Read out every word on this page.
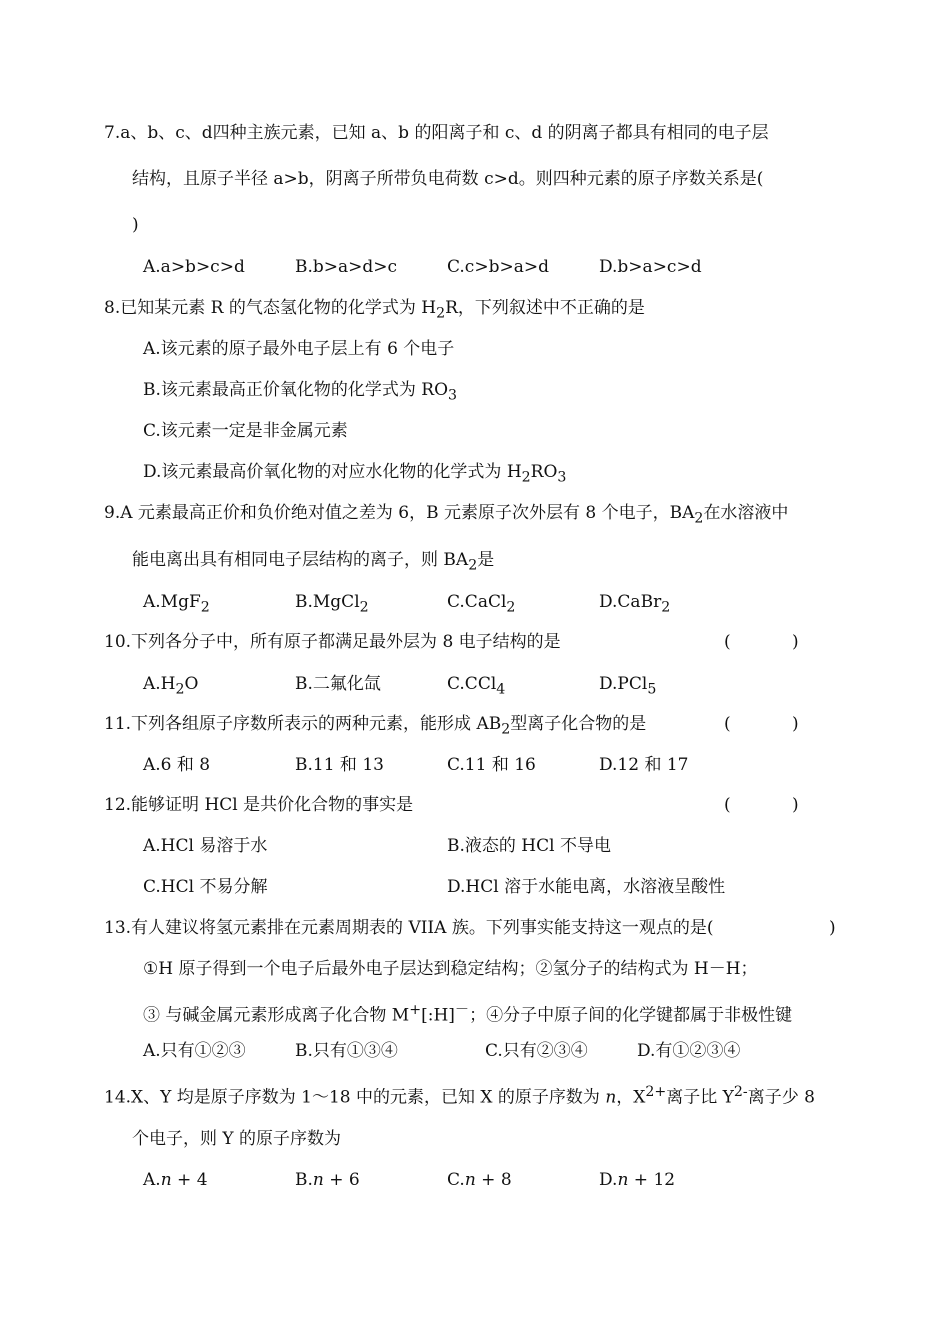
7.a、b、c、d四种主族元素，已知 a、b 的阳离子和 c、d 的阴离子都具有相同的电子层
结构，且原子半径 a>b，阴离子所带负电荷数 c>d。则四种元素的原子序数关系是(
)
A.a>b>c>d	B.b>a>d>c	C.c>b>a>d	D.b>a>c>d
8.已知某元素 R 的气态氢化物的化学式为 $H_2R$，下列叙述中不正确的是
A.该元素的原子最外电子层上有 6 个电子
B.该元素最高正价氧化物的化学式为 $RO_3$
C.该元素一定是非金属元素
D.该元素最高价氧化物的对应水化物的化学式为 $H_2RO_3$
9.A 元素最高正价和负价绝对值之差为 6，B 元素原子次外层有 8 个电子，$BA_2$在水溶液中
能电离出具有相同电子层结构的离子，则 $BA_2$是
A.MgF$_2$	B.MgCl$_2$	C.CaCl$_2$	D.CaBr$_2$
10.下列各分子中，所有原子都满足最外层为 8 电子结构的是	(	)
$A.H_2O$	B.二氟化氙	C.CCl$_4$	D.PCl$_5$
11.下列各组原子序数所表示的两种元素，能形成 $AB_2$型离子化合物的是	(	)
A.6 和 8	B.11 和 13	C.11 和 16	D.12 和 17
12.能够证明 HCl 是共价化合物的事实是	(	)
A.HCl 易溶于水	B.液态的 HCl 不导电
C.HCl 不易分解	D.HCl 溶于水能电离，水溶液呈酸性
13.有人建议将氢元素排在元素周期表的 VIIA 族。下列事实能支持这一观点的是(	)
①H 原子得到一个电子后最外电子层达到稳定结构；②氢分子的结构式为 H－H；
③ 与碱金属元素形成离子化合物 M+[:H]－；④分子中原子间的化学键都属于非极性键
A.只有①②③	B.只有①③④	C.只有②③④	D.有①②③④
14.X、Y 均是原子序数为 1～18 中的元素，已知 X 的原子序数为 n，$X^{2+}$离子比 $Y^{2-}$离子少 8
个电子，则 Y 的原子序数为
A.n + 4	B.n + 6	C.n + 8	D.n + 12
